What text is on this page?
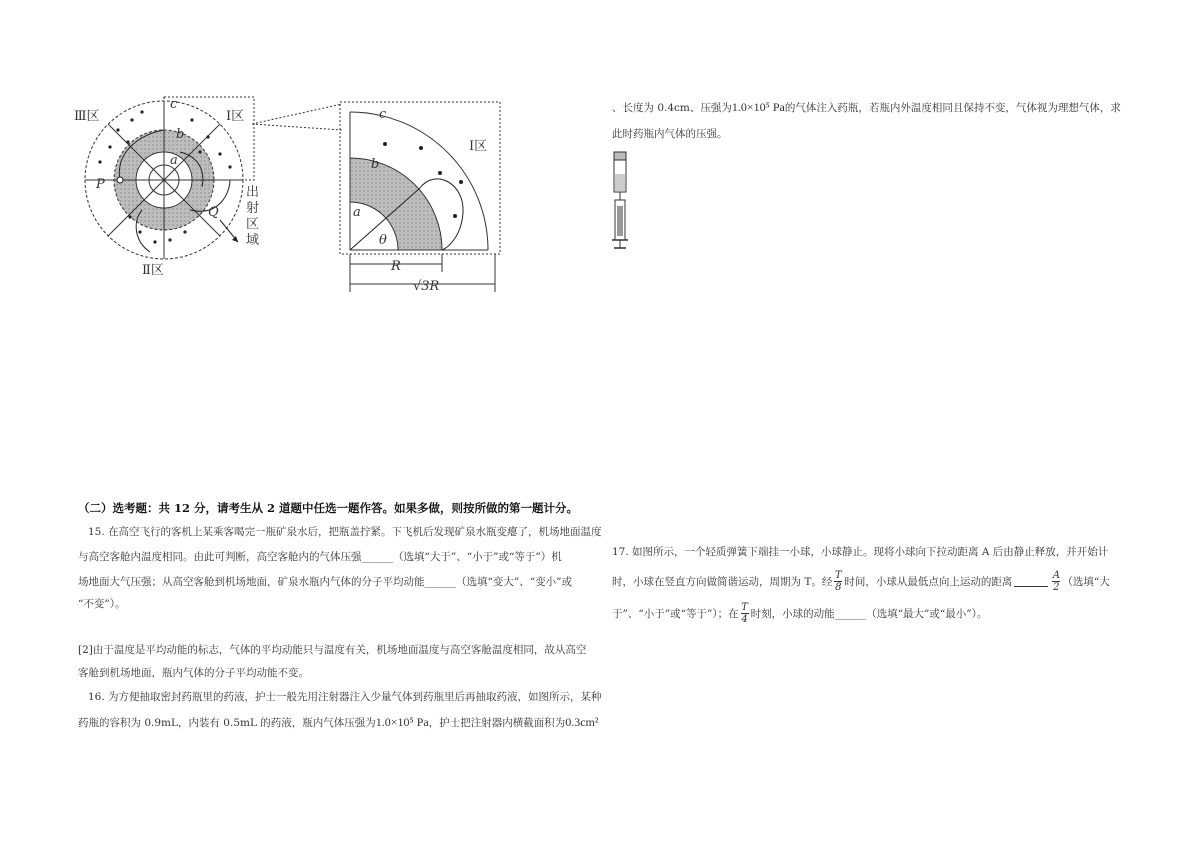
Ⅲ区	Ⅰ区
Ⅱ区
P
Q
a
b
c
出
射
区
域
c
b
a
Ⅰ区
θ
R
√3R
、长度为 0.4cm、压强为1.0×10⁵ Pa的气体注入药瓶，若瓶内外温度相同且保持不变，气体视为理想气体，求
此时药瓶内气体的压强。
（二）选考题：共 12 分，请考生从 2 道题中任选一题作答。如果多做，则按所做的第一题计分。
15. 在高空飞行的客机上某乘客喝完一瓶矿泉水后，把瓶盖拧紧。下飞机后发现矿泉水瓶变瘪了，机场地面温度
与高空客舱内温度相同。由此可判断，高空客舱内的气体压强______（选填“大于”、“小于”或“等于”）机
场地面大气压强；从高空客舱到机场地面，矿泉水瓶内气体的分子平均动能______（选填“变大”、“变小”或
“不变”）。
[2]由于温度是平均动能的标志，气体的平均动能只与温度有关，机场地面温度与高空客舱温度相同，故从高空
客舱到机场地面，瓶内气体的分子平均动能不变。
16. 为方便抽取密封药瓶里的药液，护士一般先用注射器注入少量气体到药瓶里后再抽取药液，如图所示，某种
药瓶的容积为 0.9mL，内装有 0.5mL 的药液，瓶内气体压强为1.0×10⁵ Pa，护士把注射器内横截面积为0.3cm²
17. 如图所示，一个轻质弹簧下端挂一小球，小球静止。现将小球向下拉动距离 A 后由静止释放，并开始计
时，小球在竖直方向做简谐运动，周期为 T。经 $\frac{T}{8}$ 时间，小球从最低点向上运动的距离	$\frac{A}{2}$ （选填“大
于”、“小于”或“等于”）；在 $\frac{T}{4}$ 时刻，小球的动能______（选填“最大”或“最小”）。
